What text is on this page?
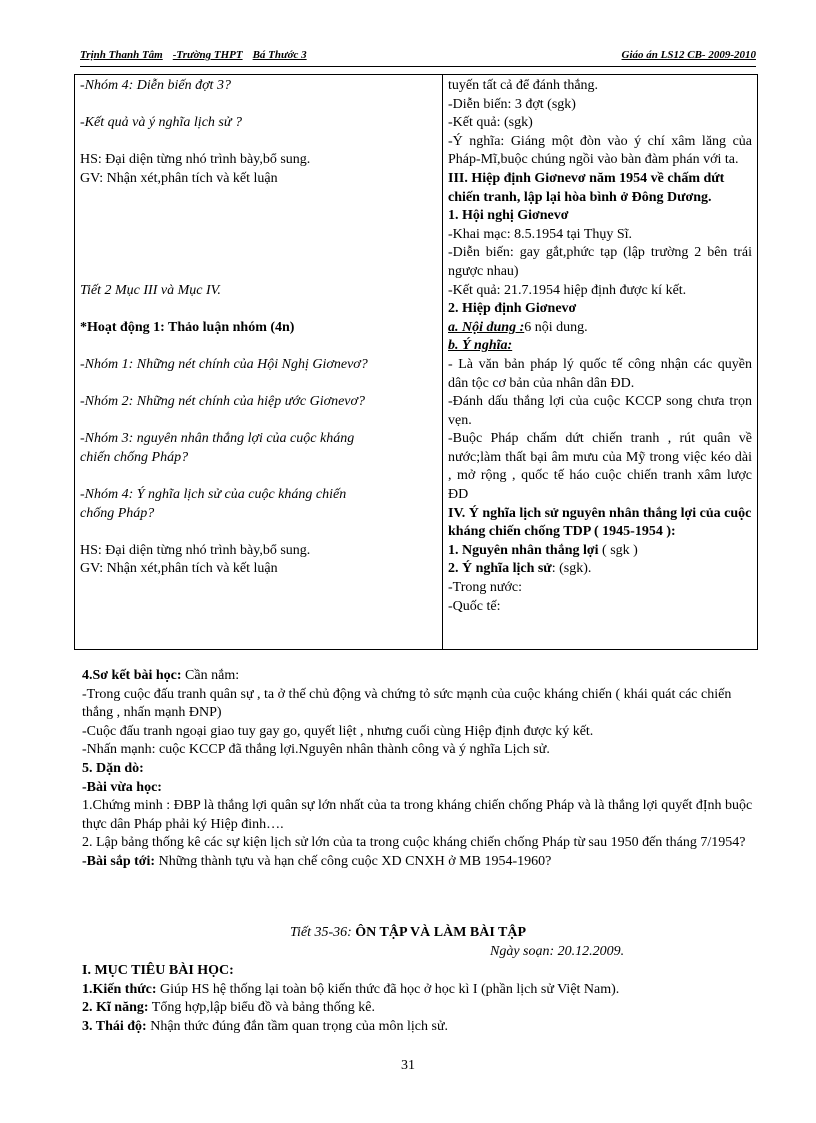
Trịnh Thanh Tâm -Trường THPT Bá Thước 3	Giáo án LS12 CB- 2009-2010
-Nhóm 4: Diễn biến đợt 3?
-Kết quả và ý nghĩa lịch sử ?
HS: Đại diện từng nhó trình bày,bổ sung.
GV: Nhận xét,phân tích và kết luận
Tiết 2 Mục III và Mục IV.
*Hoạt động 1: Thảo luận nhóm (4n)
-Nhóm 1: Những nét chính của Hội Nghị Giơnevơ?
-Nhóm 2: Những nét chính của hiệp ước Giơnevơ?
-Nhóm 3: nguyên nhân thắng lợi của cuộc kháng
chiến chống Pháp?
-Nhóm 4: Ý nghĩa lịch sử của cuộc kháng chiến
chống Pháp?
HS: Đại diện từng nhó trình bày,bổ sung.
GV: Nhận xét,phân tích và kết luận

tuyến tất cả để đánh thắng.
-Diễn biến: 3 đợt (sgk)
-Kết quả: (sgk)
-Ý nghĩa: Giáng một đòn vào ý chí xâm lăng của Pháp-Mĩ,buộc chúng ngồi vào bàn đàm phán với ta.
III. Hiệp định Giơnevơ năm 1954 về chấm dứt chiến tranh, lập lại hòa bình ở Đông Dương.
1. Hội nghị Giơnevơ
-Khai mạc: 8.5.1954 tại Thụy Sĩ.
-Diễn biến: gay gắt,phức tạp (lập trường 2 bên trái ngược nhau)
-Kết quả: 21.7.1954 hiệp định được kí kết.
2. Hiệp định Giơnevơ
a. Nội dung :6 nội dung.
b. Ý nghĩa:
- Là văn bản pháp lý quốc tế công nhận các quyền dân tộc cơ bản của nhân dân ĐD.
-Đánh dấu thắng lợi của cuộc KCCP song chưa trọn vẹn.
-Buộc Pháp chấm dứt chiến tranh , rút quân về nước;làm thất bại âm mưu của Mỹ trong việc kéo dài , mở rộng , quốc tế háo cuộc chiến tranh xâm lược ĐD
IV. Ý nghĩa lịch sử nguyên nhân thắng lợi của cuộc kháng chiến chống TDP ( 1945-1954 ):
1. Nguyên nhân thắng lợi ( sgk )
2. Ý nghĩa lịch sử: (sgk).
-Trong nước:
-Quốc tế:
4.Sơ kết bài học: Cần nắm:
-Trong cuộc đấu tranh quân sự , ta ở thế chủ động và chứng tỏ sức mạnh của cuộc kháng chiến ( khái quát các chiến thắng , nhấn mạnh ĐNP)
-Cuộc đấu tranh ngoại giao tuy gay go, quyết liệt , nhưng cuối cùng Hiệp định được ký kết.
-Nhấn mạnh: cuộc KCCP đã thắng lợi.Nguyên nhân thành công và ý nghĩa Lịch sử.
5. Dặn dò:
-Bài vừa học:
1.Chứng minh : ĐBP là thắng lợi quân sự lớn nhất của ta trong kháng chiến chống Pháp và là thắng lợi quyết đỊnh buộc thực dân Pháp phải ký Hiệp đinh….
2. Lập bảng thống kê các sự kiện lịch sử lớn của ta trong cuộc kháng chiến chống Pháp từ sau 1950 đến tháng 7/1954?
-Bài sắp tới: Những thành tựu và hạn chế công cuộc XD CNXH ở MB 1954-1960?
Tiết 35-36: ÔN TẬP VÀ LÀM BÀI TẬP
Ngày soạn: 20.12.2009.
I. MỤC TIÊU BÀI HỌC:
1.Kiến thức: Giúp HS hệ thống lại toàn bộ kiến thức đã học ở học kì I (phần lịch sử Việt Nam).
2. Kĩ năng: Tổng hợp,lập biểu đồ và bảng thống kê.
3. Thái độ: Nhận thức đúng đắn tầm quan trọng của môn lịch sử.
31
